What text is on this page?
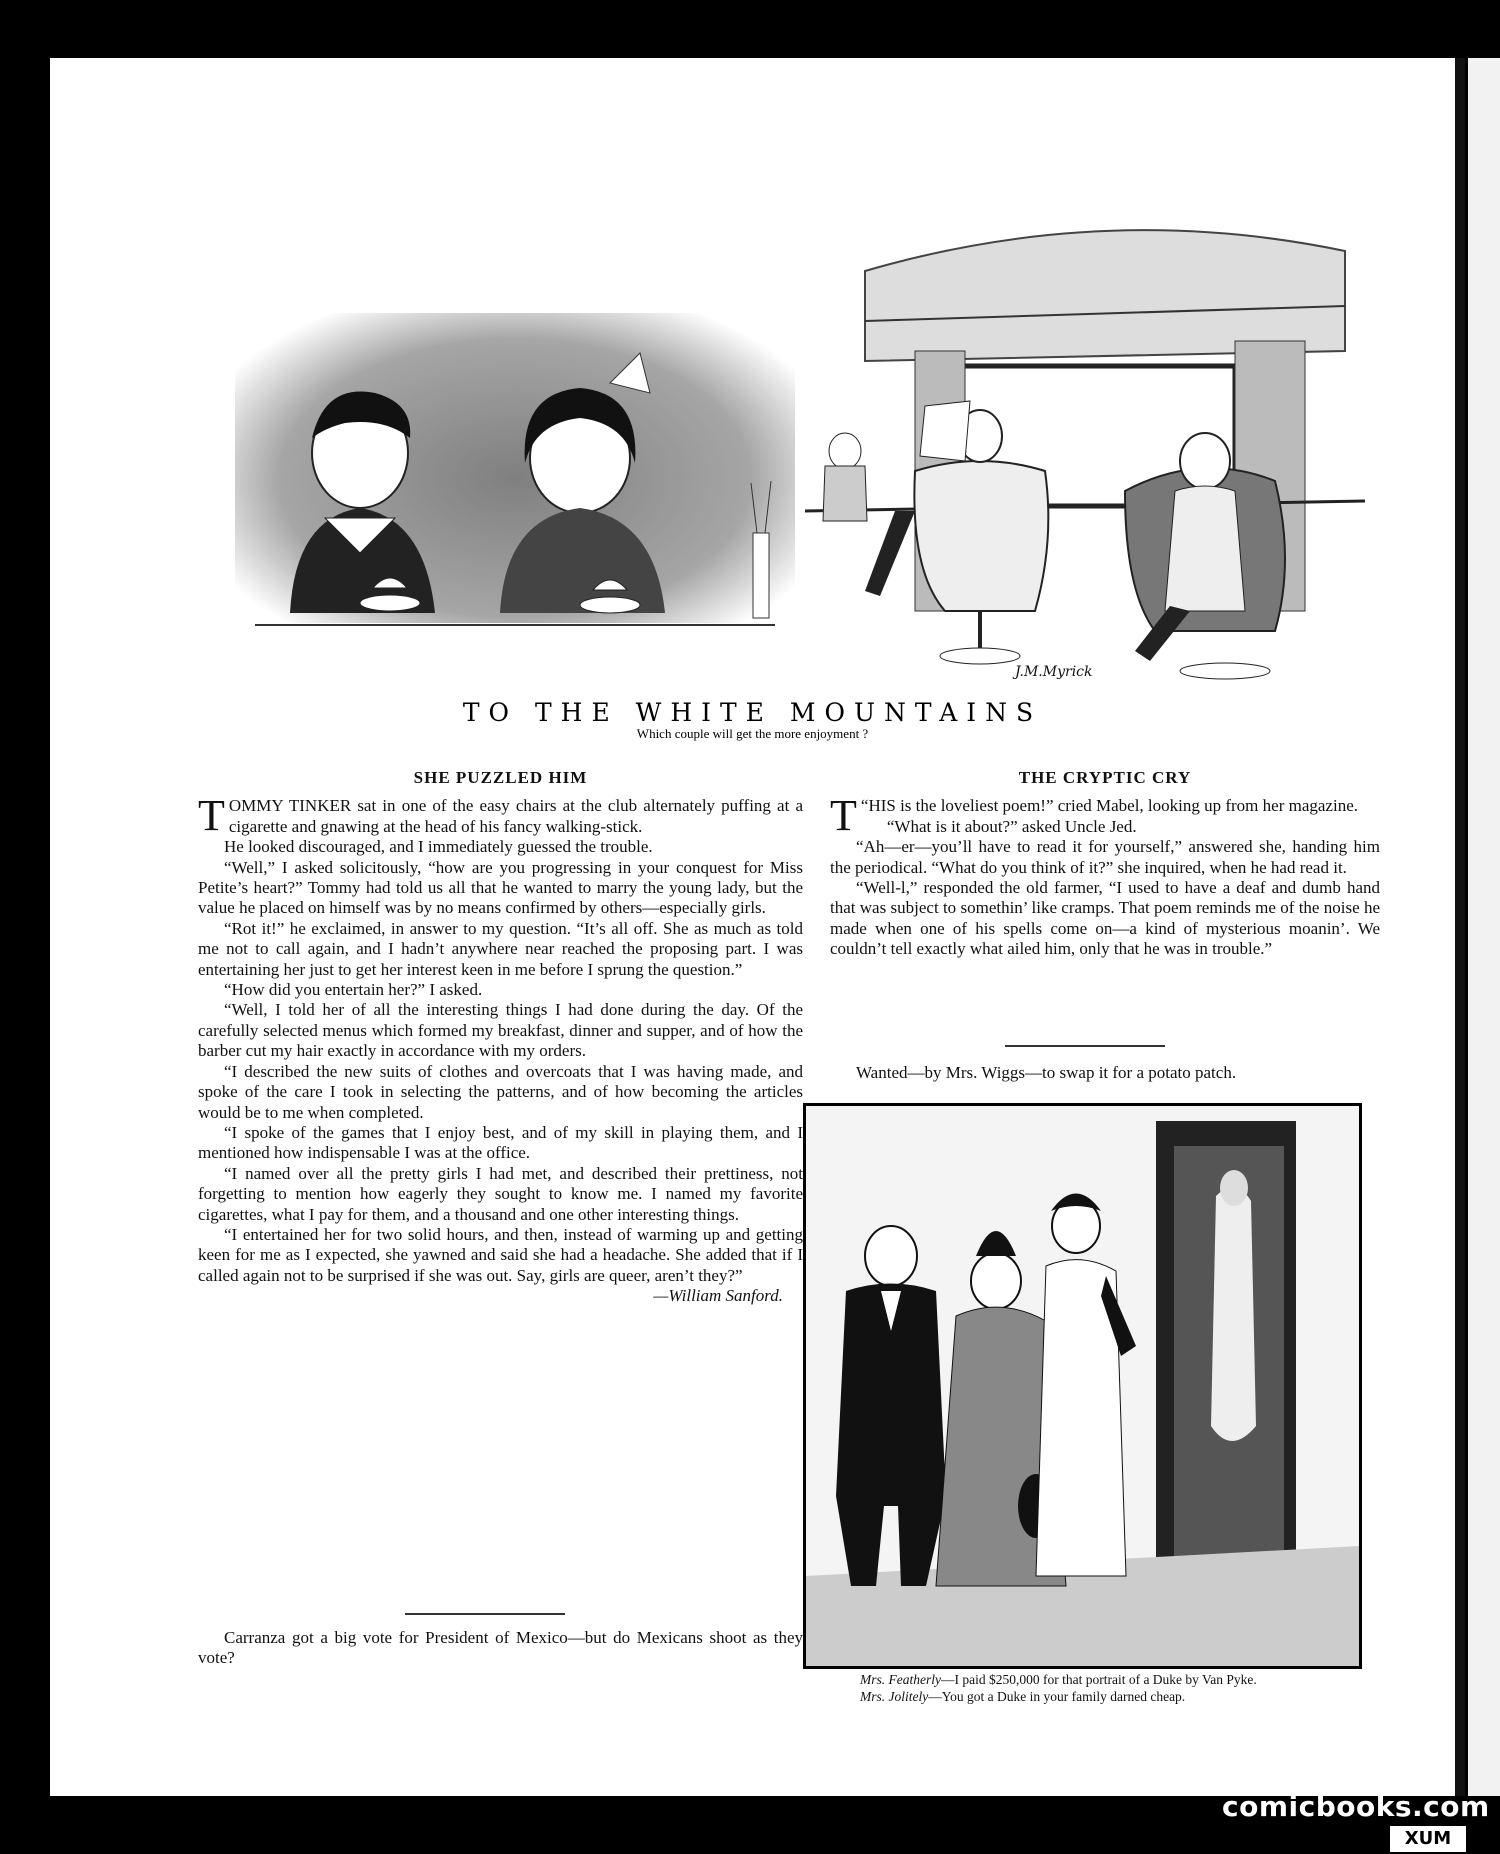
J.M.Myrick
TO THE WHITE MOUNTAINS
Which couple will get the more enjoyment ?
SHE PUZZLED HIM

TOMMY TINKER sat in one of the easy chairs at the club alternately puffing at a cigarette and gnawing at the head of his fancy walking-stick.

He looked discouraged, and I immediately guessed the trouble.

“Well,” I asked solicitously, “how are you progressing in your conquest for Miss Petite’s heart?” Tommy had told us all that he wanted to marry the young lady, but the value he placed on himself was by no means confirmed by others—especially girls.

“Rot it!” he exclaimed, in answer to my question. “It’s all off. She as much as told me not to call again, and I hadn’t anywhere near reached the proposing part. I was entertaining her just to get her interest keen in me before I sprung the question.”

“How did you entertain her?” I asked.

“Well, I told her of all the interesting things I had done during the day. Of the carefully selected menus which formed my breakfast, dinner and supper, and of how the barber cut my hair exactly in accordance with my orders.

“I described the new suits of clothes and overcoats that I was having made, and spoke of the care I took in selecting the patterns, and of how becoming the articles would be to me when completed.

“I spoke of the games that I enjoy best, and of my skill in playing them, and I mentioned how indispensable I was at the office.

“I named over all the pretty girls I had met, and described their prettiness, not forgetting to mention how eagerly they sought to know me. I named my favorite cigarettes, what I pay for them, and a thousand and one other interesting things.

“I entertained her for two solid hours, and then, instead of warming up and getting keen for me as I expected, she yawned and said she had a headache. She added that if I called again not to be surprised if she was out. Say, girls are queer, aren’t they?”

—William Sanford.

Carranza got a big vote for President of Mexico—but do Mexicans shoot as they vote?

THE CRYPTIC CRY

“
T HIS is the loveliest poem!” cried Mabel, looking up from her magazine.

“What is it about?” asked Uncle Jed.

“Ah—er—you’ll have to read it for yourself,” answered she, handing him the periodical. “What do you think of it?” she inquired, when he had read it.

“Well-l,” responded the old farmer, “I used to have a deaf and dumb hand that was subject to somethin’ like cramps. That poem reminds me of the noise he made when one of his spells come on—a kind of mysterious moanin’. We couldn’t tell exactly what ailed him, only that he was in trouble.”

Wanted—by Mrs. Wiggs—to swap it for a potato patch.

Mrs. Featherly—I paid $250,000 for that portrait of a Duke by Van Pyke.

Mrs. Jolitely—You got a Duke in your family darned cheap.

comicbooks.com
XUM
